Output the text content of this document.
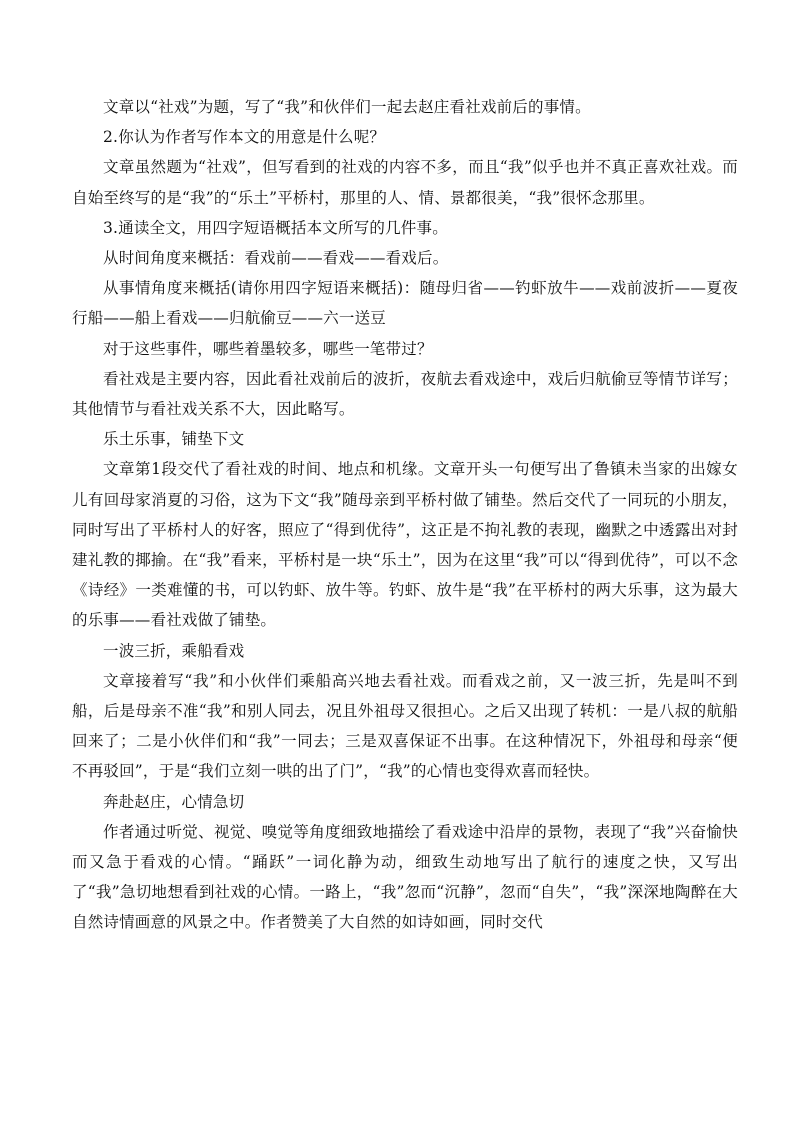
文章以“社戏”为题，写了“我”和伙伴们一起去赵庄看社戏前后的事情。

2.你认为作者写作本文的用意是什么呢？

文章虽然题为“社戏”，但写看到的社戏的内容不多，而且“我”似乎也并不真正喜欢社戏。而自始至终写的是“我”的“乐土”平桥村，那里的人、情、景都很美，“我”很怀念那里。

3.通读全文，用四字短语概括本文所写的几件事。

从时间角度来概括：看戏前——看戏——看戏后。

从事情角度来概括(请你用四字短语来概括)：随母归省——钓虾放牛——戏前波折——夏夜行船——船上看戏——归航偷豆——六一送豆

对于这些事件，哪些着墨较多，哪些一笔带过？

看社戏是主要内容，因此看社戏前后的波折，夜航去看戏途中，戏后归航偷豆等情节详写；其他情节与看社戏关系不大，因此略写。

乐土乐事，铺垫下文

文章第1段交代了看社戏的时间、地点和机缘。文章开头一句便写出了鲁镇未当家的出嫁女儿有回母家消夏的习俗，这为下文“我”随母亲到平桥村做了铺垫。然后交代了一同玩的小朋友，同时写出了平桥村人的好客，照应了“得到优待”，这正是不拘礼教的表现，幽默之中透露出对封建礼教的揶揄。在“我”看来，平桥村是一块“乐土”，因为在这里“我”可以“得到优待”，可以不念《诗经》一类难懂的书，可以钓虾、放牛等。钓虾、放牛是“我”在平桥村的两大乐事，这为最大的乐事——看社戏做了铺垫。

一波三折，乘船看戏

文章接着写“我”和小伙伴们乘船高兴地去看社戏。而看戏之前，又一波三折，先是叫不到船，后是母亲不准“我”和别人同去，况且外祖母又很担心。之后又出现了转机：一是八叔的航船回来了；二是小伙伴们和“我”一同去；三是双喜保证不出事。在这种情况下，外祖母和母亲“便不再驳回”，于是“我们立刻一哄的出了门”，“我”的心情也变得欢喜而轻快。

奔赴赵庄，心情急切

作者通过听觉、视觉、嗅觉等角度细致地描绘了看戏途中沿岸的景物，表现了“我”兴奋愉快而又急于看戏的心情。“踊跃”一词化静为动，细致生动地写出了航行的速度之快，又写出了“我”急切地想看到社戏的心情。一路上，“我”忽而“沉静”，忽而“自失”，“我”深深地陶醉在大自然诗情画意的风景之中。作者赞美了大自然的如诗如画，同时交代
